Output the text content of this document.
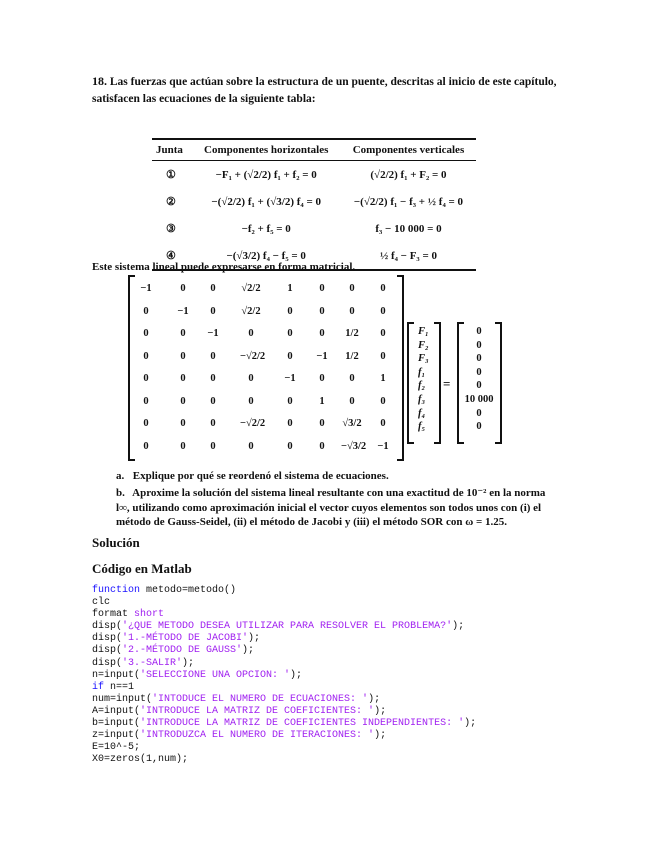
18. Las fuerzas que actúan sobre la estructura de un puente, descritas al inicio de este capítulo, satisfacen las ecuaciones de la siguiente tabla:
Junta	Componentes horizontales	Componentes verticales
①	−F₁ + (√2/2) f₁ + f₂ = 0	(√2/2) f₁ + F₂ = 0
②	−(√2/2) f₁ + (√3/2) f₄ = 0	−(√2/2) f₁ − f₃ + ½ f₄ = 0
③	−f₂ + f₅ = 0	f₃ − 10 000 = 0
④	−(√3/2) f₄ − f₅ = 0	½ f₄ − F₃ = 0
Este sistema lineal puede expresarse en forma matricial.
−1	0	0	√2/2	1	0	0	0
0	−1	0	√2/2	0	0	0	0
0	0	−1	0	0	0	1/2	0
0	0	0	−√2/2	0	−1	1/2	0
0	0	0	0	−1	0	0	1
0	0	0	0	0	1	0	0
0	0	0	−√2/2	0	0	√3/2	0
0	0	0	0	0	0	−√3/2	−1
F₁
F₂
F₃
f₁
f₂
f₃
f₄
f₅
=
0
0
0
0
0
10 000
0
0
a. Explique por qué se reordenó el sistema de ecuaciones.
b. Aproxime la solución del sistema lineal resultante con una exactitud de 10⁻² en la norma l∞, utilizando como aproximación inicial el vector cuyos elementos son todos unos con (i) el método de Gauss-Seidel, (ii) el método de Jacobi y (iii) el método SOR con ω = 1.25.
Solución
Código en Matlab
function metodo=metodo()
clc
format short
disp('¿QUE METODO DESEA UTILIZAR PARA RESOLVER EL PROBLEMA?');
disp('1.-MÉTODO DE JACOBI');
disp('2.-MÉTODO DE GAUSS');
disp('3.-SALIR');
n=input('SELECCIONE UNA OPCION: ');
if n==1
num=input('INTODUCE EL NUMERO DE ECUACIONES: ');
A=input('INTRODUCE LA MATRIZ DE COEFICIENTES: ');
b=input('INTRODUCE LA MATRIZ DE COEFICIENTES INDEPENDIENTES: ');
z=input('INTRODUZCA EL NUMERO DE ITERACIONES: ');
E=10^-5;
X0=zeros(1,num);
